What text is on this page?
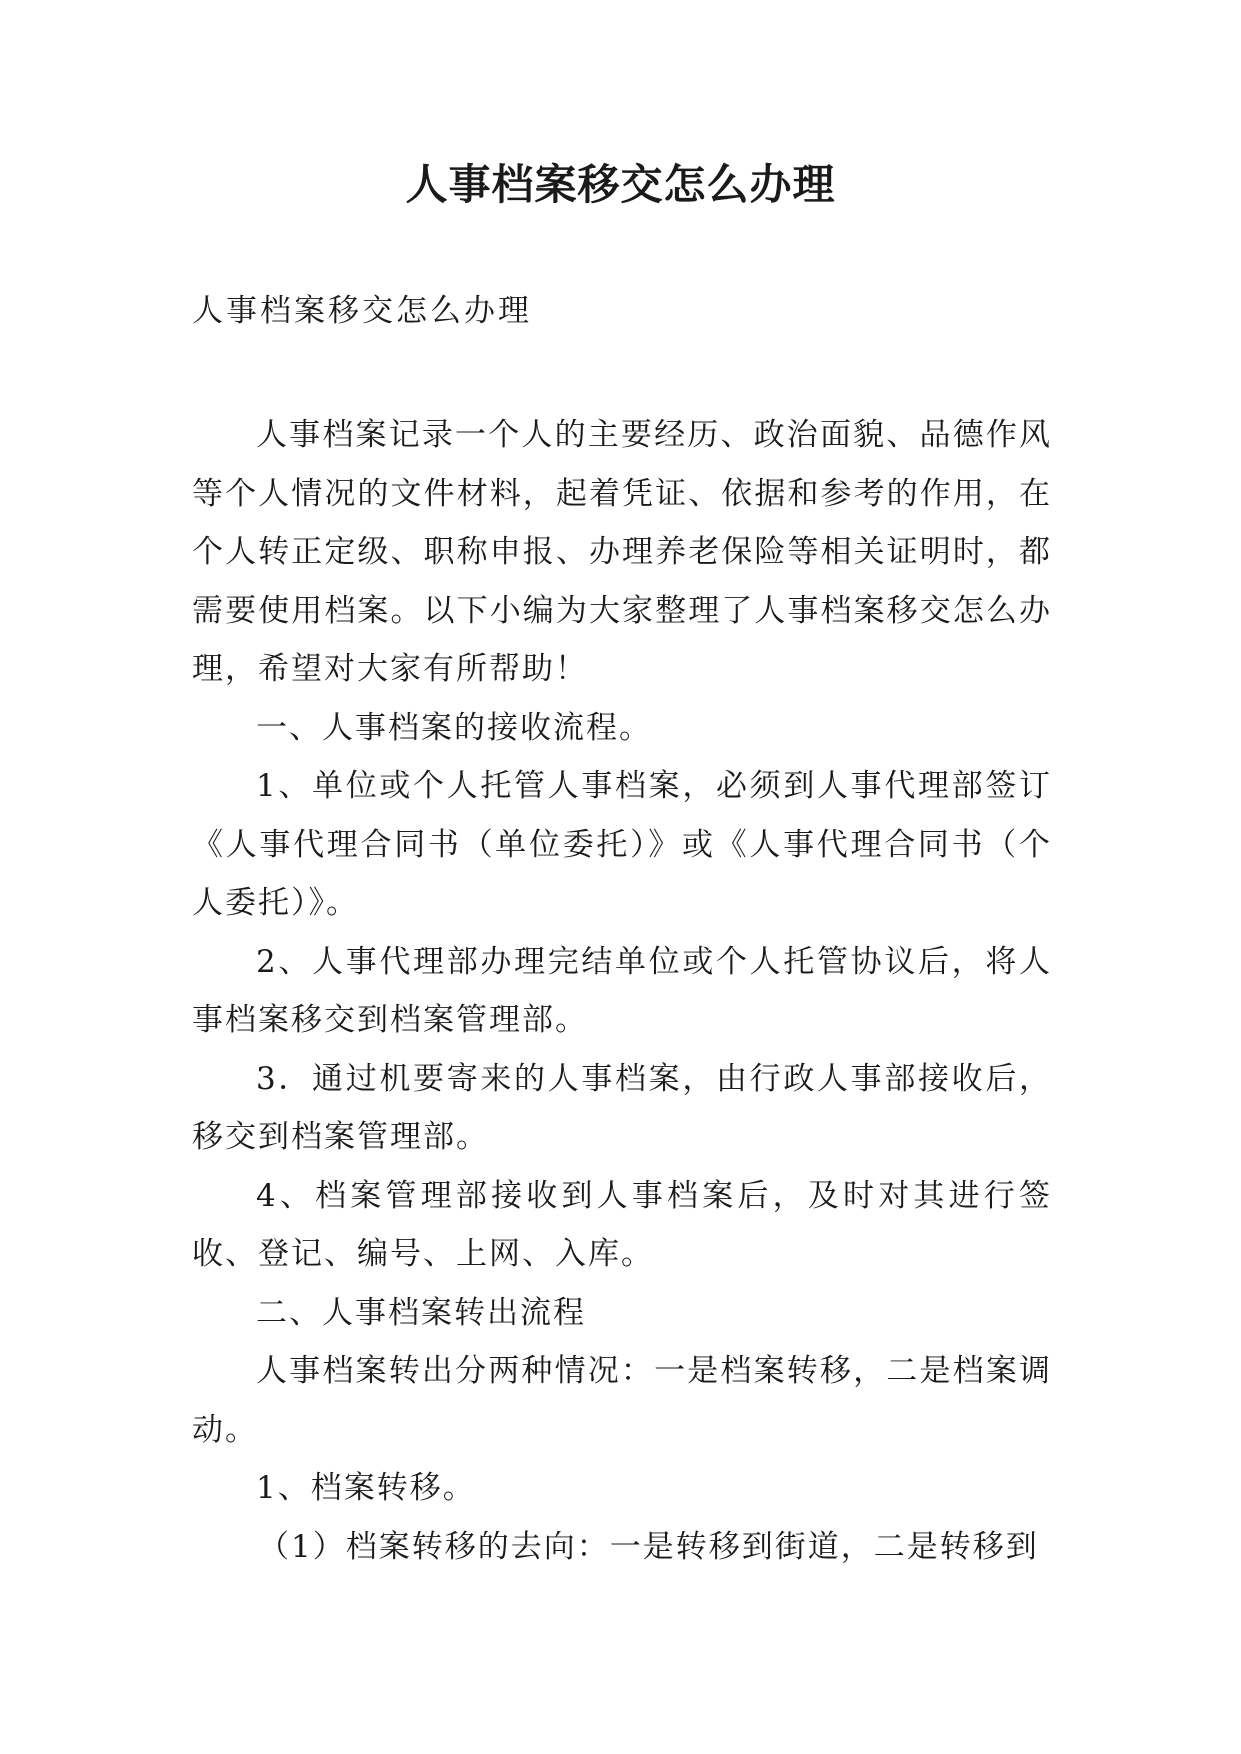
人事档案移交怎么办理

人事档案移交怎么办理

人事档案记录一个人的主要经历、政治面貌、品德作风等个人情况的文件材料，起着凭证、依据和参考的作用，在个人转正定级、职称申报、办理养老保险等相关证明时，都需要使用档案。以下小编为大家整理了人事档案移交怎么办理，希望对大家有所帮助！

一、人事档案的接收流程。

1、单位或个人托管人事档案，必须到人事代理部签订《人事代理合同书（单位委托）》或《人事代理合同书（个人委托）》。

2、人事代理部办理完结单位或个人托管协议后，将人事档案移交到档案管理部。

3．通过机要寄来的人事档案，由行政人事部接收后，移交到档案管理部。

4、档案管理部接收到人事档案后，及时对其进行签收、登记、编号、上网、入库。

二、人事档案转出流程

人事档案转出分两种情况：一是档案转移，二是档案调动。

1、档案转移。

（1）档案转移的去向：一是转移到街道，二是转移到
